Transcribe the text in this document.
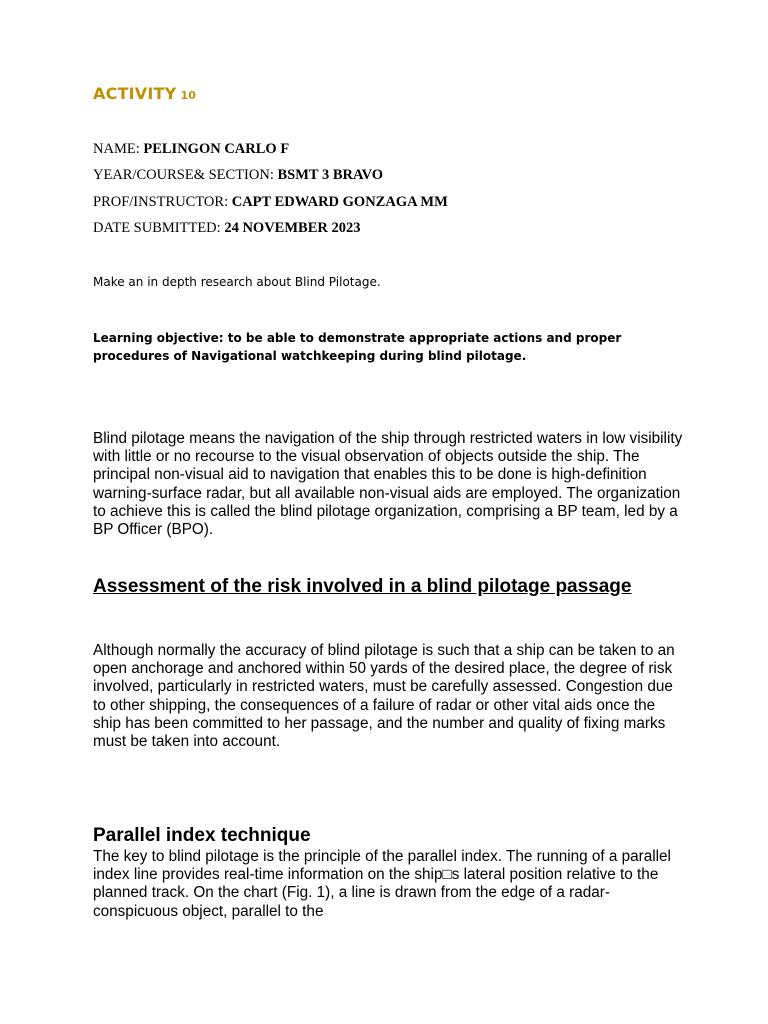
ACTIVITY 10
NAME: PELINGON CARLO F
YEAR/COURSE& SECTION: BSMT 3 BRAVO
PROF/INSTRUCTOR: CAPT EDWARD GONZAGA MM
DATE SUBMITTED: 24 NOVEMBER 2023
Make an in depth research about Blind Pilotage.
Learning objective: to be able to demonstrate appropriate actions and proper procedures of Navigational watchkeeping during blind pilotage.

Blind pilotage means the navigation of the ship through restricted waters in low visibility with little or no recourse to the visual observation of objects outside the ship. The principal non-visual aid to navigation that enables this to be done is high-definition warning-surface radar, but all available non-visual aids are employed. The organization to achieve this is called the blind pilotage organization, comprising a BP team, led by a BP Officer (BPO).

Assessment of the risk involved in a blind pilotage passage

Although normally the accuracy of blind pilotage is such that a ship can be taken to an open anchorage and anchored within 50 yards of the desired place, the degree of risk involved, particularly in restricted waters, must be carefully assessed. Congestion due to other shipping, the consequences of a failure of radar or other vital aids once the ship has been committed to her passage, and the number and quality of fixing marks must be taken into account.

Parallel index technique

The key to blind pilotage is the principle of the parallel index. The running of a parallel index line provides real-time information on the ship□s lateral position relative to the planned track. On the chart (Fig. 1), a line is drawn from the edge of a radar-conspicuous object, parallel to the
